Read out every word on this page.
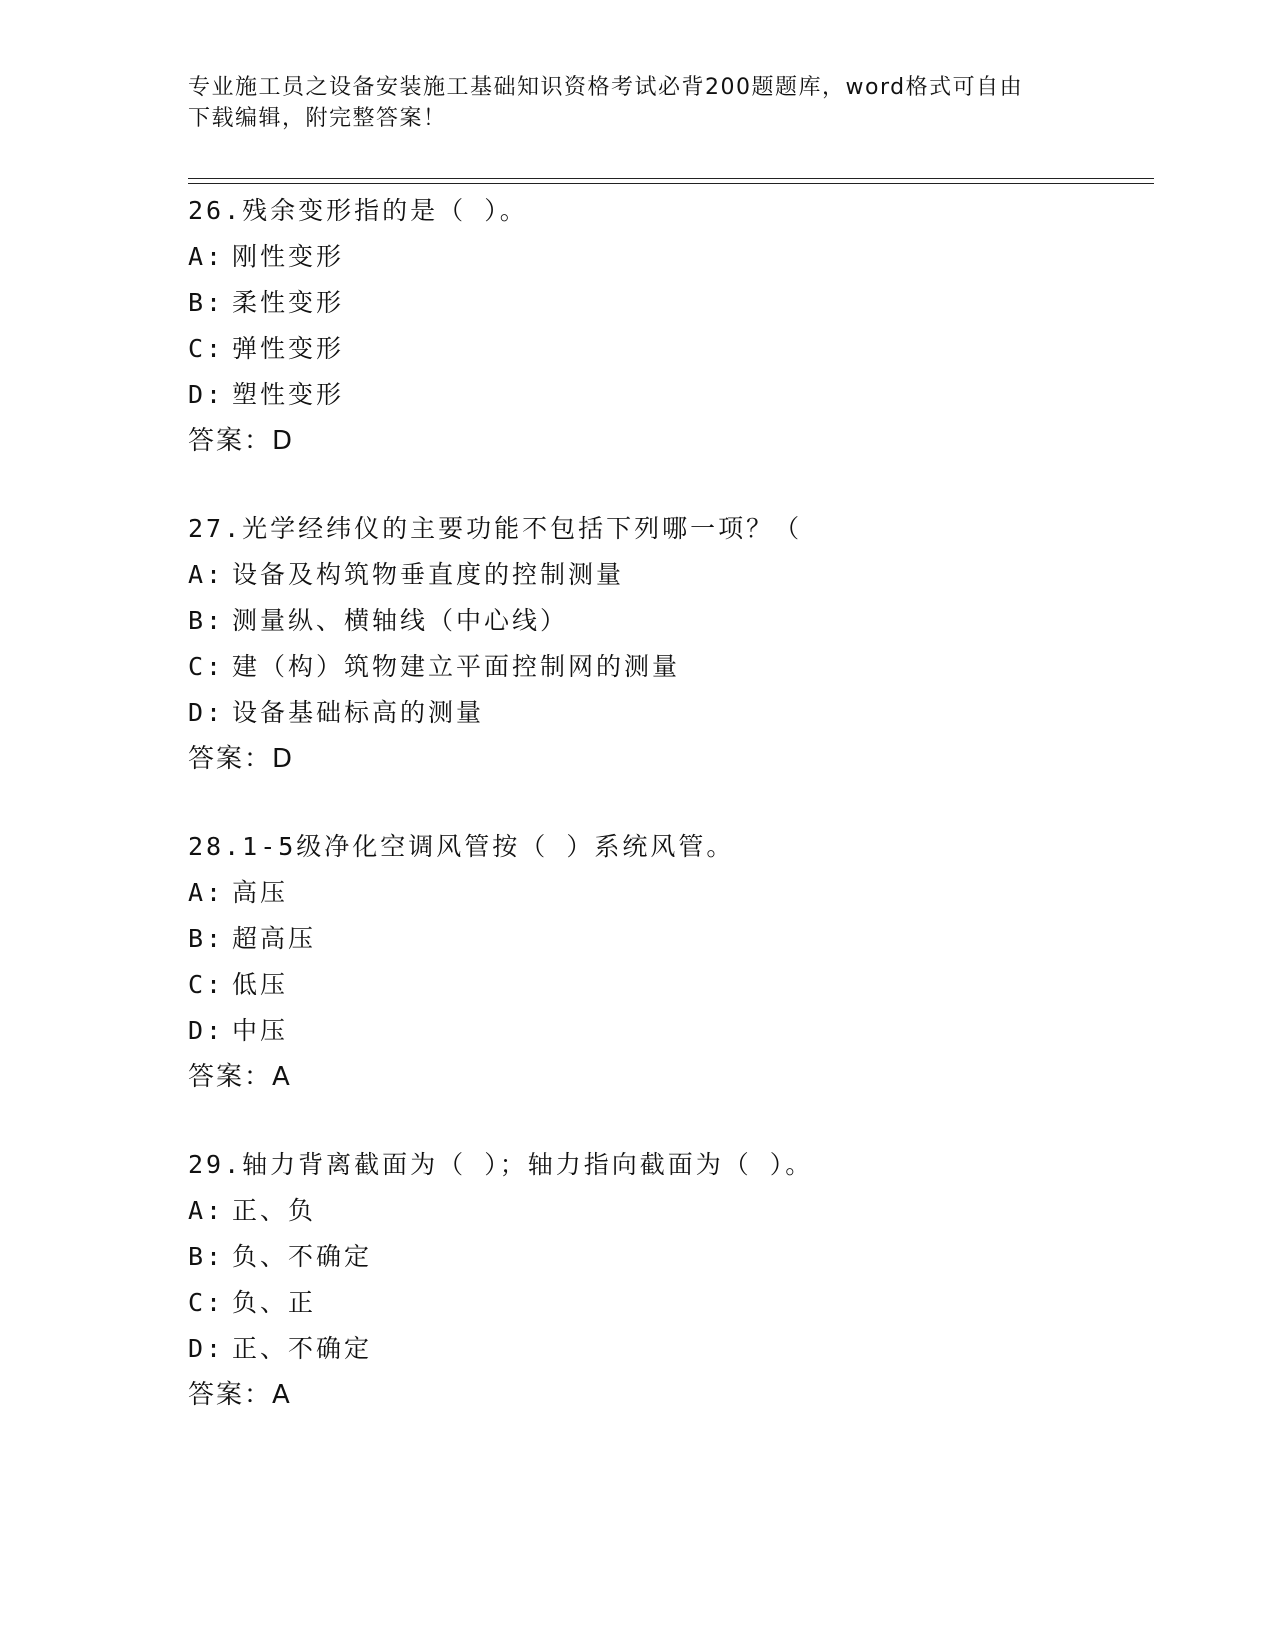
专业施工员之设备安装施工基础知识资格考试必背200题题库，word格式可自由
下载编辑，附完整答案！
26.残余变形指的是（ ）。
A: 刚性变形
B: 柔性变形
C: 弹性变形
D: 塑性变形
答案：D
27.光学经纬仪的主要功能不包括下列哪一项？（
A: 设备及构筑物垂直度的控制测量
B: 测量纵、横轴线（中心线）
C: 建（构）筑物建立平面控制网的测量
D: 设备基础标高的测量
答案：D
28.1-5级净化空调风管按（ ）系统风管。
A: 高压
B: 超高压
C: 低压
D: 中压
答案：A
29.轴力背离截面为（ ）；轴力指向截面为（ ）。
A: 正、负
B: 负、不确定
C: 负、正
D: 正、不确定
答案：A
